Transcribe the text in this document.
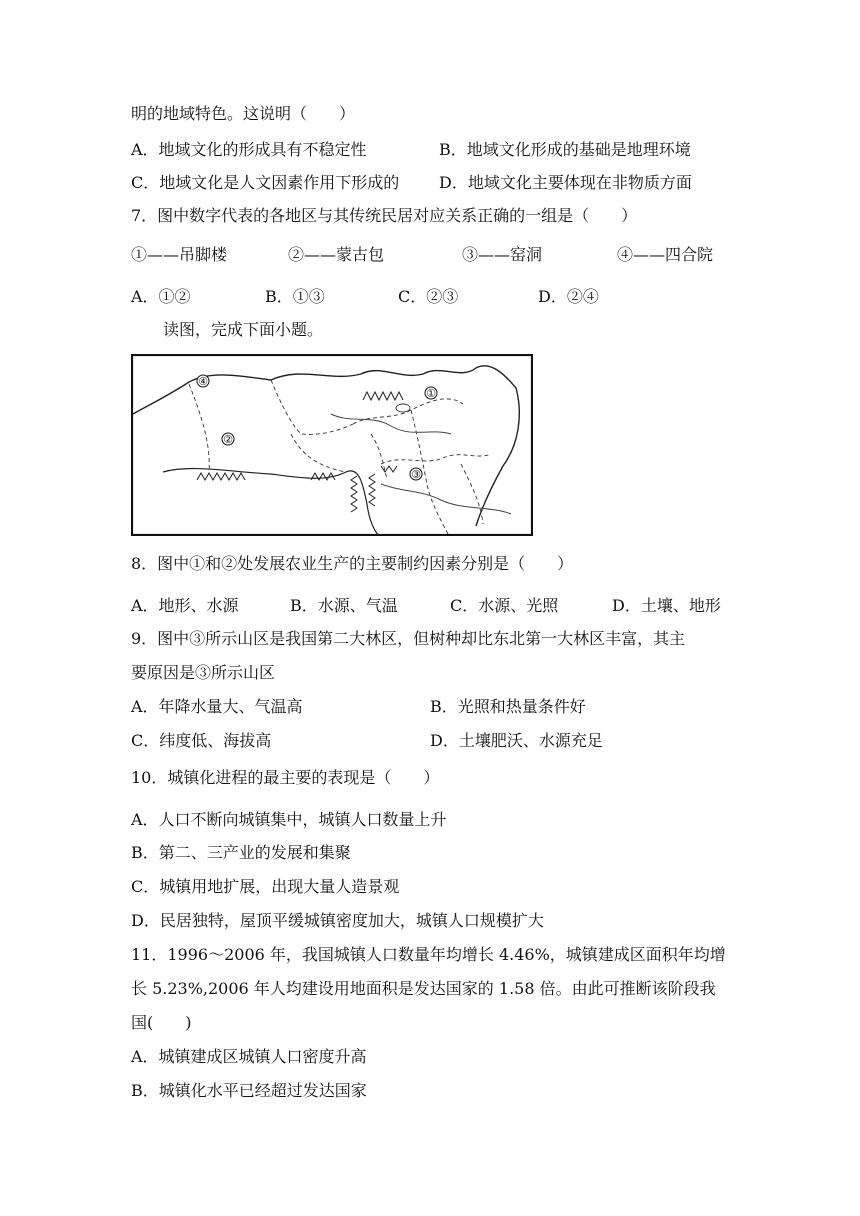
明的地域特色。这说明（　　）
A．地域文化的形成具有不稳定性	B．地域文化形成的基础是地理环境
C．地域文化是人文因素作用下形成的 D．地域文化主要体现在非物质方面
7．图中数字代表的各地区与其传统民居对应关系正确的一组是（　　）
①——吊脚楼	②——蒙古包	③——窑洞	④——四合院
A．①②	B．①③	C．②③	D．②④
读图，完成下面小题。
④
①
②
③
8．图中①和②处发展农业生产的主要制约因素分别是（　　）
A．地形、水源	B．水源、气温	C．水源、光照	D．土壤、地形
9．图中③所示山区是我国第二大林区，但树种却比东北第一大林区丰富，其主
要原因是③所示山区
A．年降水量大、气温高	B．光照和热量条件好
C．纬度低、海拔高	D．土壤肥沃、水源充足
10．城镇化进程的最主要的表现是（　　）
A．人口不断向城镇集中，城镇人口数量上升
B．第二、三产业的发展和集聚
C．城镇用地扩展，出现大量人造景观
D．民居独特，屋顶平缓城镇密度加大，城镇人口规模扩大
11．1996～2006 年，我国城镇人口数量年均增长 4.46%，城镇建成区面积年均增
长 5.23%,2006 年人均建设用地面积是发达国家的 1.58 倍。由此可推断该阶段我
国(　　)
A．城镇建成区城镇人口密度升高
B．城镇化水平已经超过发达国家
